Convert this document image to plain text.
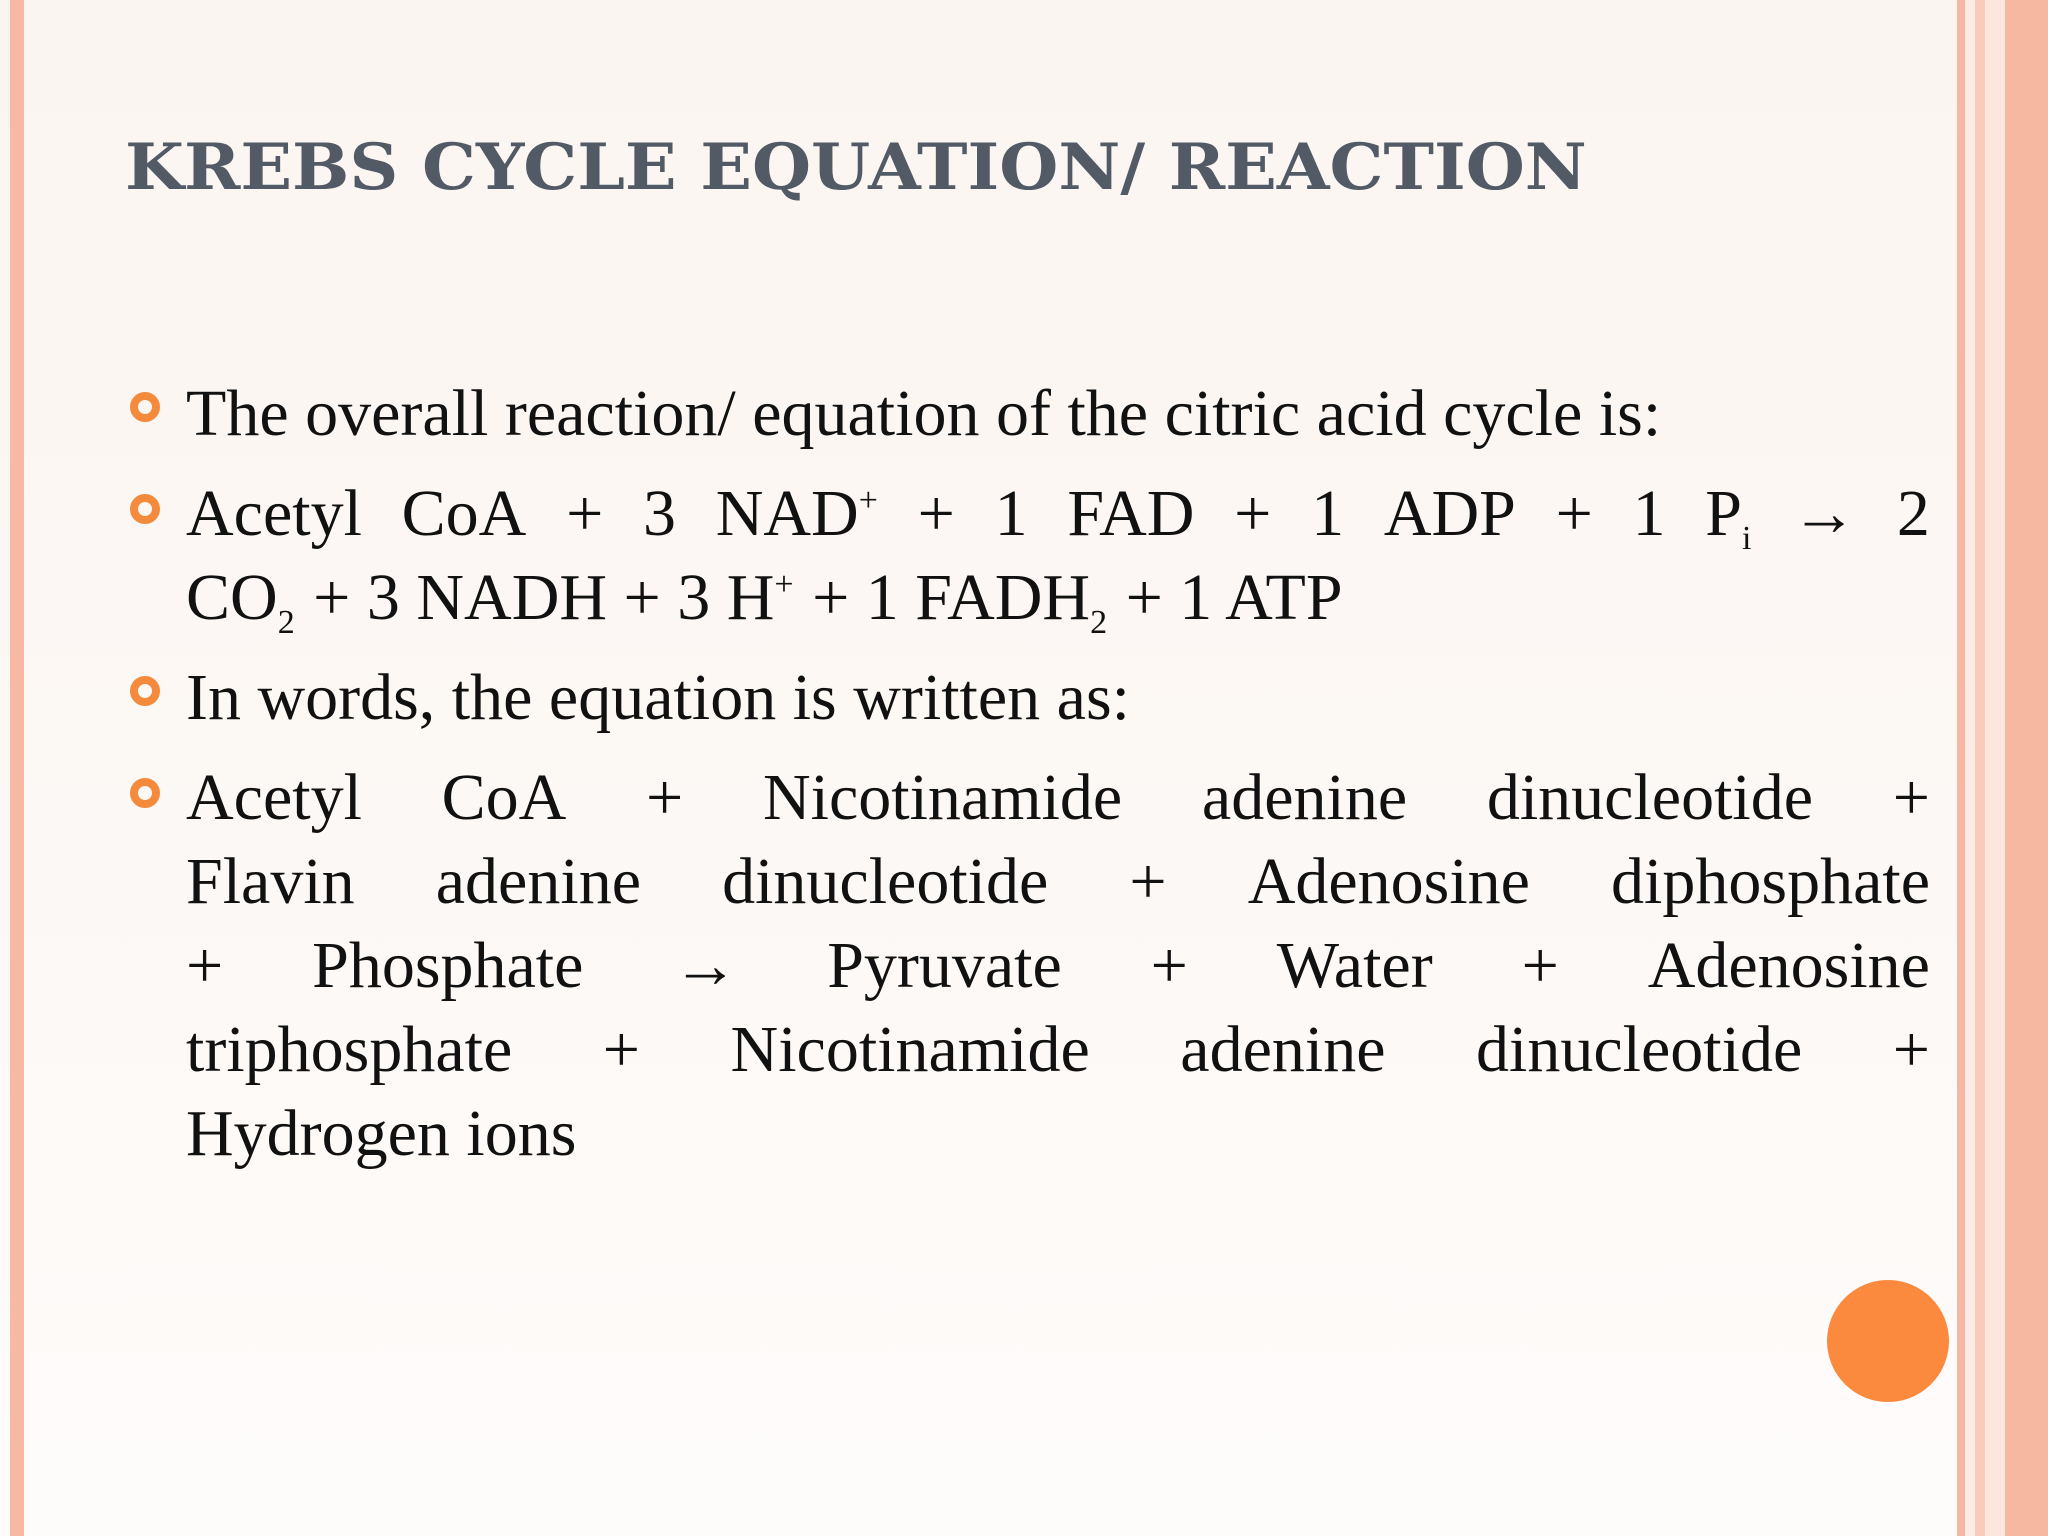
KREBS CYCLE EQUATION/ REACTION
The overall reaction/ equation of the citric acid cycle is:
Acetyl CoA + 3 NAD+ + 1 FAD + 1 ADP + 1 $P_i \to 2$
$CO_2 + 3$ NADH + 3 H+ + 1 $FADH_2 + 1$ ATP
In words, the equation is written as:
Acetyl CoA + Nicotinamide adenine dinucleotide +
Flavin adenine dinucleotide + Adenosine diphosphate
+ Phosphate → Pyruvate + Water + Adenosine
triphosphate + Nicotinamide adenine dinucleotide +
Hydrogen ions
